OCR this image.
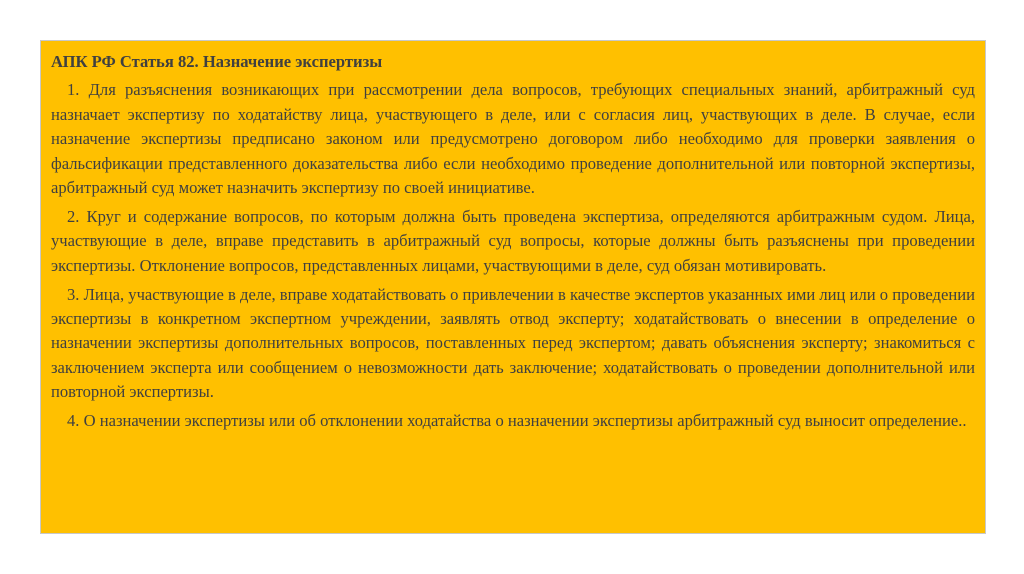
АПК РФ Статья 82. Назначение экспертизы

1. Для разъяснения возникающих при рассмотрении дела вопросов, требующих специальных знаний, арбитражный суд назначает экспертизу по ходатайству лица, участвующего в деле, или с согласия лиц, участвующих в деле. В случае, если назначение экспертизы предписано законом или предусмотрено договором либо необходимо для проверки заявления о фальсификации представленного доказательства либо если необходимо проведение дополнительной или повторной экспертизы, арбитражный суд может назначить экспертизу по своей инициативе.

2. Круг и содержание вопросов, по которым должна быть проведена экспертиза, определяются арбитражным судом. Лица, участвующие в деле, вправе представить в арбитражный суд вопросы, которые должны быть разъяснены при проведении экспертизы. Отклонение вопросов, представленных лицами, участвующими в деле, суд обязан мотивировать.

3. Лица, участвующие в деле, вправе ходатайствовать о привлечении в качестве экспертов указанных ими лиц или о проведении экспертизы в конкретном экспертном учреждении, заявлять отвод эксперту; ходатайствовать о внесении в определение о назначении экспертизы дополнительных вопросов, поставленных перед экспертом; давать объяснения эксперту; знакомиться с заключением эксперта или сообщением о невозможности дать заключение; ходатайствовать о проведении дополнительной или повторной экспертизы.

4. О назначении экспертизы или об отклонении ходатайства о назначении экспертизы арбитражный суд выносит определение..
